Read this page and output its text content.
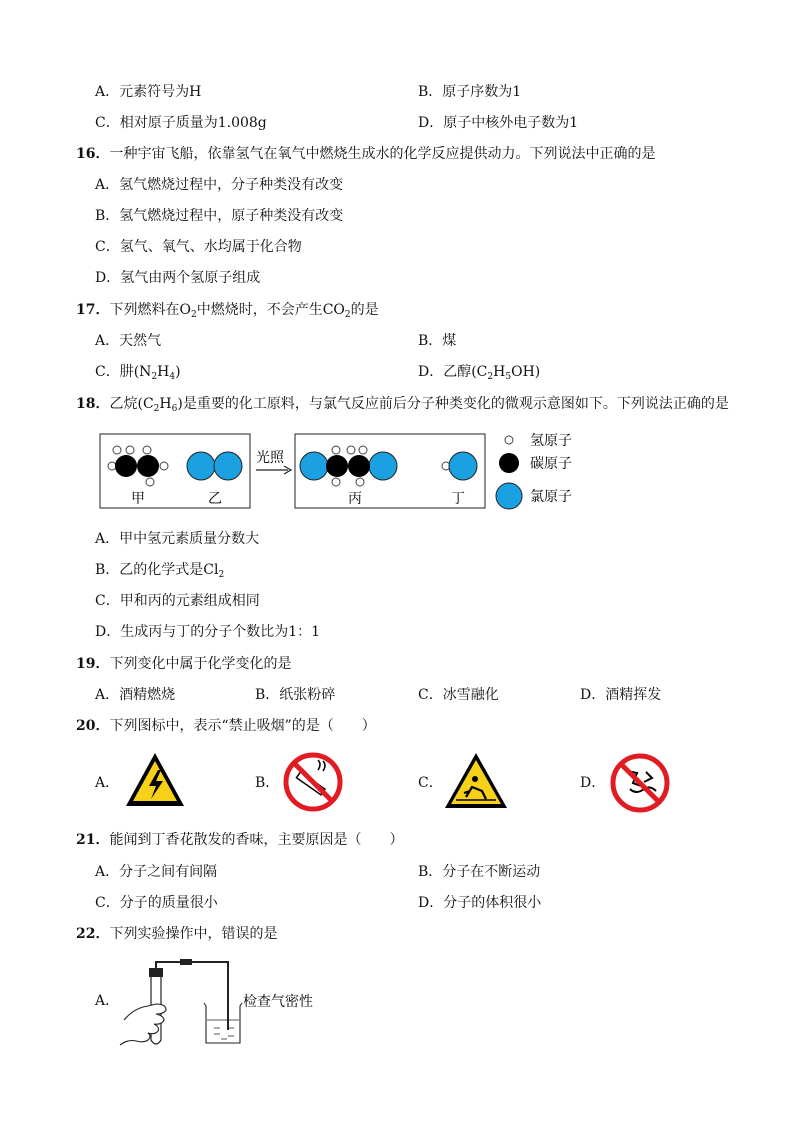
A．元素符号为H	B．原子序数为1
C．相对原子质量为1.008g	D．原子中核外电子数为1
16．一种宇宙飞船，依靠氢气在氧气中燃烧生成水的化学反应提供动力。下列说法中正确的是
A．氢气燃烧过程中，分子种类没有改变
B．氢气燃烧过程中，原子种类没有改变
C．氢气、氧气、水均属于化合物
D．氢气由两个氢原子组成
17．下列燃料在$O_2$中燃烧时，不会产生$CO_2$的是
A．天然气	B．煤
C．肼$(N_2H_4)$	D．乙醇$(C_2H_5OH)$
18．乙烷$(C_2H_6)$是重要的化工原料，与氯气反应前后分子种类变化的微观示意图如下。下列说法正确的是
甲	乙
光照
丙	丁
氢原子
碳原子
氯原子
A．甲中氢元素质量分数大
B．乙的化学式是$Cl_2$
C．甲和丙的元素组成相同
D．生成丙与丁的分子个数比为1：1
19．下列变化中属于化学变化的是
A．酒精燃烧	B．纸张粉碎	C．冰雪融化	D．酒精挥发
20．下列图标中，表示“禁止吸烟”的是（　　）
A．	B．	C．	D．
21．能闻到丁香花散发的香味，主要原因是（　　）
A．分子之间有间隔	B．分子在不断运动
C．分子的质量很小	D．分子的体积很小
22．下列实验操作中，错误的是
A．	检查气密性
